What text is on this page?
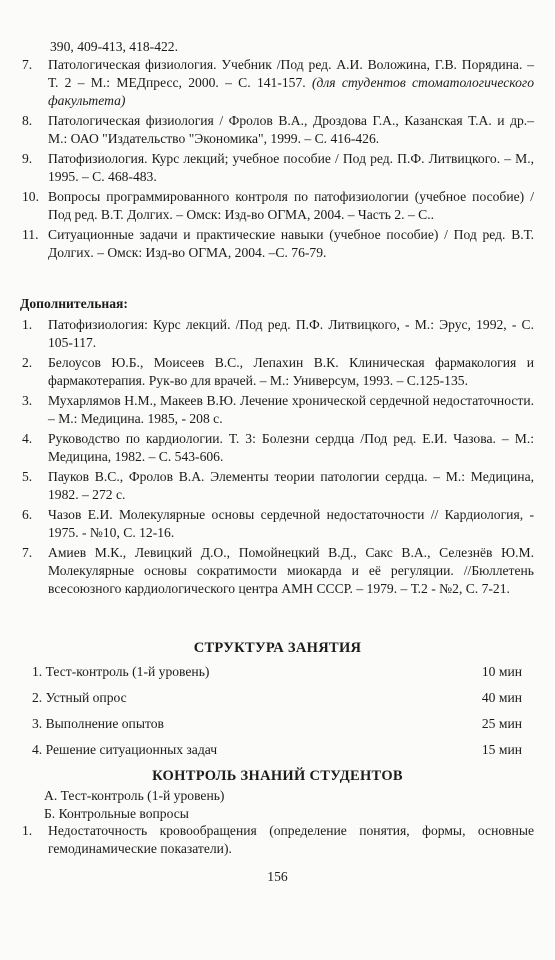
390, 409-413, 418-422.
7.	Патологическая физиология. Учебник /Под ред. А.И. Воложина, Г.В. Порядина. – Т. 2 – М.: МЕДпресс, 2000. – С. 141-157. (для студентов стоматологического факультета)
8.	Патологическая физиология / Фролов В.А., Дроздова Г.А., Казанская Т.А. и др.– М.: ОАО "Издательство "Экономика", 1999. – С. 416-426.
9.	Патофизиология. Курс лекций; учебное пособие / Под ред. П.Ф. Литвицкого. – М., 1995. – С. 468-483.
10. Вопросы программированного контроля по патофизиологии (учебное пособие) / Под ред. В.Т. Долгих. – Омск: Изд-во ОГМА, 2004. – Часть 2. – С..
11. Ситуационные задачи и практические навыки (учебное пособие) / Под ред. В.Т. Долгих. – Омск: Изд-во ОГМА, 2004. –С. 76-79.
Дополнительная:
1.	Патофизиология: Курс лекций. /Под ред. П.Ф. Литвицкого, - М.: Эрус, 1992, - С. 105-117.
2.	Белоусов Ю.Б., Моисеев В.С., Лепахин В.К. Клиническая фармакология и фармакотерапия. Рук-во для врачей. – М.: Универсум, 1993. – С.125-135.
3.	Мухарлямов Н.М., Макеев В.Ю. Лечение хронической сердечной недостаточности. – М.: Медицина. 1985, - 208 с.
4.	Руководство по кардиологии. Т. 3: Болезни сердца /Под ред. Е.И. Чазова. – М.: Медицина, 1982. – С. 543-606.
5.	Пауков В.С., Фролов В.А. Элементы теории патологии сердца. – М.: Медицина, 1982. – 272 с.
6.	Чазов Е.И. Молекулярные основы сердечной недостаточности // Кардиология, - 1975. - №10, С. 12-16.
7.	Амиев М.К., Левицкий Д.О., Помойнецкий В.Д., Сакс В.А., Селезнёв Ю.М. Молекулярные основы сократимости миокарда и её регуляции. //Бюллетень всесоюзного кардиологического центра АМН СССР. – 1979. – Т.2 - №2, С. 7-21.
СТРУКТУРА ЗАНЯТИЯ
1. Тест-контроль (1-й уровень)	10 мин
2. Устный опрос	40 мин
3. Выполнение опытов	25 мин
4. Решение ситуационных задач	15 мин
КОНТРОЛЬ ЗНАНИЙ СТУДЕНТОВ
А. Тест-контроль (1-й уровень)
Б. Контрольные вопросы
1.	Недостаточность кровообращения (определение понятия, формы, основные гемодинамические показатели).
156
